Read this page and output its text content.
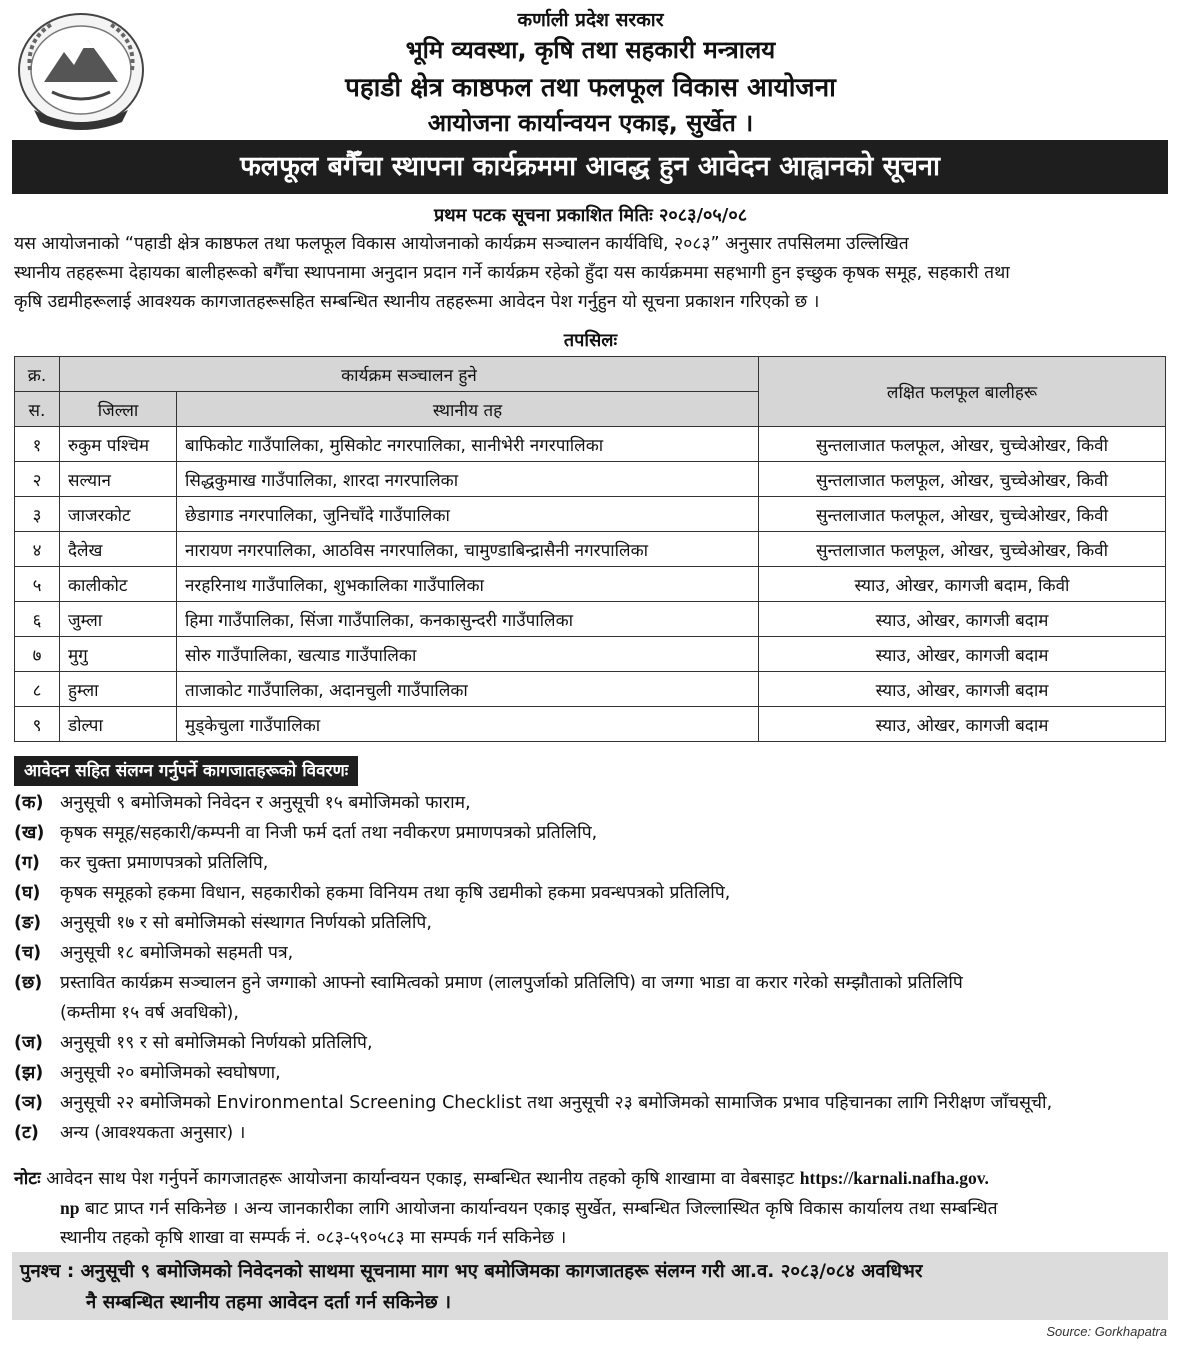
कर्णाली प्रदेश सरकार
भूमि व्यवस्था, कृषि तथा सहकारी मन्त्रालय
पहाडी क्षेत्र काष्ठफल तथा फलफूल विकास आयोजना
आयोजना कार्यान्वयन एकाइ, सुर्खेत ।
फलफूल बगैँचा स्थापना कार्यक्रममा आवद्ध हुन आवेदन आह्वानको सूचना
प्रथम पटक सूचना प्रकाशित मितिः २०८३/०५/०८
यस आयोजनाको “पहाडी क्षेत्र काष्ठफल तथा फलफूल विकास आयोजनाको कार्यक्रम सञ्चालन कार्यविधि, २०८३” अनुसार तपसिलमा उल्लिखित
स्थानीय तहहरूमा देहायका बालीहरूको बगैँचा स्थापनामा अनुदान प्रदान गर्ने कार्यक्रम रहेको हुँदा यस कार्यक्रममा सहभागी हुन इच्छुक कृषक समूह, सहकारी तथा
कृषि उद्यमीहरूलाई आवश्यक कागजातहरूसहित सम्बन्धित स्थानीय तहहरूमा आवेदन पेश गर्नुहुन यो सूचना प्रकाशन गरिएको छ ।
तपसिलः
क्र.	कार्यक्रम सञ्चालन हुने		लक्षित फलफूल बालीहरू
स.	जिल्ला	स्थानीय तह	
१	रुकुम पश्चिम	बाफिकोट गाउँपालिका, मुसिकोट नगरपालिका, सानीभेरी नगरपालिका	सुन्तलाजात फलफूल, ओखर, चुच्चेओखर, किवी
२	सल्यान	सिद्धकुमाख गाउँपालिका, शारदा नगरपालिका	सुन्तलाजात फलफूल, ओखर, चुच्चेओखर, किवी
३	जाजरकोट	छेडागाड नगरपालिका, जुनिचाँदे गाउँपालिका	सुन्तलाजात फलफूल, ओखर, चुच्चेओखर, किवी
४	दैलेख	नारायण नगरपालिका, आठविस नगरपालिका, चामुण्डाबिन्द्रासैनी नगरपालिका	सुन्तलाजात फलफूल, ओखर, चुच्चेओखर, किवी
५	कालीकोट	नरहरिनाथ गाउँपालिका, शुभकालिका गाउँपालिका	स्याउ, ओखर, कागजी बदाम, किवी
६	जुम्ला	हिमा गाउँपालिका, सिंजा गाउँपालिका, कनकासुन्दरी गाउँपालिका	स्याउ, ओखर, कागजी बदाम
७	मुगु	सोरु गाउँपालिका, खत्याड गाउँपालिका	स्याउ, ओखर, कागजी बदाम
८	हुम्ला	ताजाकोट गाउँपालिका, अदानचुली गाउँपालिका	स्याउ, ओखर, कागजी बदाम
९	डोल्पा	मुड्केचुला गाउँपालिका	स्याउ, ओखर, कागजी बदाम
आवेदन सहित संलग्न गर्नुपर्ने कागजातहरूको विवरणः
(क) अनुसूची ९ बमोजिमको निवेदन र अनुसूची १५ बमोजिमको फाराम,
(ख) कृषक समूह/सहकारी/कम्पनी वा निजी फर्म दर्ता तथा नवीकरण प्रमाणपत्रको प्रतिलिपि,
(ग) कर चुक्ता प्रमाणपत्रको प्रतिलिपि,
(घ) कृषक समूहको हकमा विधान, सहकारीको हकमा विनियम तथा कृषि उद्यमीको हकमा प्रवन्धपत्रको प्रतिलिपि,
(ङ) अनुसूची १७ र सो बमोजिमको संस्थागत निर्णयको प्रतिलिपि,
(च) अनुसूची १८ बमोजिमको सहमती पत्र,
(छ) प्रस्तावित कार्यक्रम सञ्चालन हुने जग्गाको आफ्नो स्वामित्वको प्रमाण (लालपुर्जाको प्रतिलिपि) वा जग्गा भाडा वा करार गरेको सम्झौताको प्रतिलिपि
(कम्तीमा १५ वर्ष अवधिको),
(ज) अनुसूची १९ र सो बमोजिमको निर्णयको प्रतिलिपि,
(झ) अनुसूची २० बमोजिमको स्वघोषणा,
(ञ) अनुसूची २२ बमोजिमको Environmental Screening Checklist तथा अनुसूची २३ बमोजिमको सामाजिक प्रभाव पहिचानका लागि निरीक्षण जाँचसूची,
(ट) अन्य (आवश्यकता अनुसार) ।
नोटः आवेदन साथ पेश गर्नुपर्ने कागजातहरू आयोजना कार्यान्वयन एकाइ, सम्बन्धित स्थानीय तहको कृषि शाखामा वा वेबसाइट https://karnali.nafha.gov.
np बाट प्राप्त गर्न सकिनेछ । अन्य जानकारीका लागि आयोजना कार्यान्वयन एकाइ सुर्खेत, सम्बन्धित जिल्लास्थित कृषि विकास कार्यालय तथा सम्बन्धित
स्थानीय तहको कृषि शाखा वा सम्पर्क नं. ०८३-५९०५८३ मा सम्पर्क गर्न सकिनेछ ।
पुनश्च : अनुसूची ९ बमोजिमको निवेदनको साथमा सूचनामा माग भए बमोजिमका कागजातहरू संलग्न गरी आ.व. २०८३/०८४ अवधिभर
नै सम्बन्धित स्थानीय तहमा आवेदन दर्ता गर्न सकिनेछ ।
Source: Gorkhapatra
